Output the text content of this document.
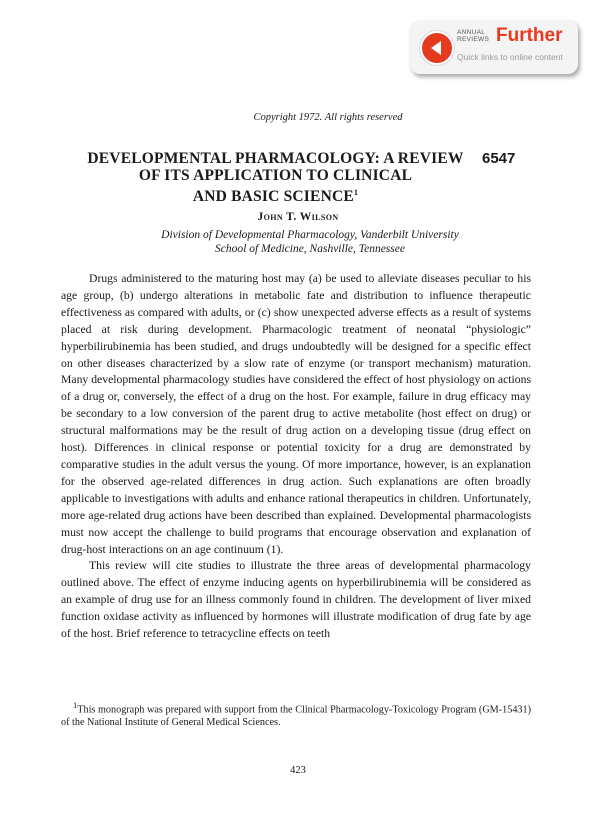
ANNUAL
REVIEWS Further
Quick links to online content
Copyright 1972. All rights reserved
DEVELOPMENTAL PHARMACOLOGY: A REVIEW
OF ITS APPLICATION TO CLINICAL
AND BASIC SCIENCE$^1$
6547
John T. Wilson
Division of Developmental Pharmacology, Vanderbilt University
School of Medicine, Nashville, Tennessee

Drugs administered to the maturing host may (a) be used to alleviate diseases peculiar to his age group, (b) undergo alterations in metabolic fate and distribution to influence therapeutic effectiveness as compared with adults, or (c) show unexpected adverse effects as a result of systems placed at risk during development. Pharmacologic treatment of neonatal “physiologic” hyperbilirubinemia has been studied, and drugs undoubtedly will be designed for a specific effect on other diseases characterized by a slow rate of enzyme (or transport mechanism) maturation. Many developmental pharmacology studies have considered the effect of host physiology on actions of a drug or, conversely, the effect of a drug on the host. For example, failure in drug efficacy may be secondary to a low conversion of the parent drug to active metabolite (host effect on drug) or structural malformations may be the result of drug action on a developing tissue (drug effect on host). Differences in clinical response or potential toxicity for a drug are demonstrated by comparative studies in the adult versus the young. Of more importance, however, is an explanation for the observed age-related differences in drug action. Such explanations are often broadly applicable to investigations with adults and enhance rational therapeutics in children. Unfortunately, more age-related drug actions have been described than explained. Developmental pharmacologists must now accept the challenge to build programs that encourage observation and explanation of drug-host interactions on an age continuum (1).

This review will cite studies to illustrate the three areas of developmental pharmacology outlined above. The effect of enzyme inducing agents on hyperbilirubinemia will be considered as an example of drug use for an illness commonly found in children. The development of liver mixed function oxidase activity as influenced by hormones will illustrate modification of drug fate by age of the host. Brief reference to tetracycline effects on teeth

$^1$This monograph was prepared with support from the Clinical Pharmacology-Toxicology Program (GM-15431) of the National Institute of General Medical Sciences.
423
